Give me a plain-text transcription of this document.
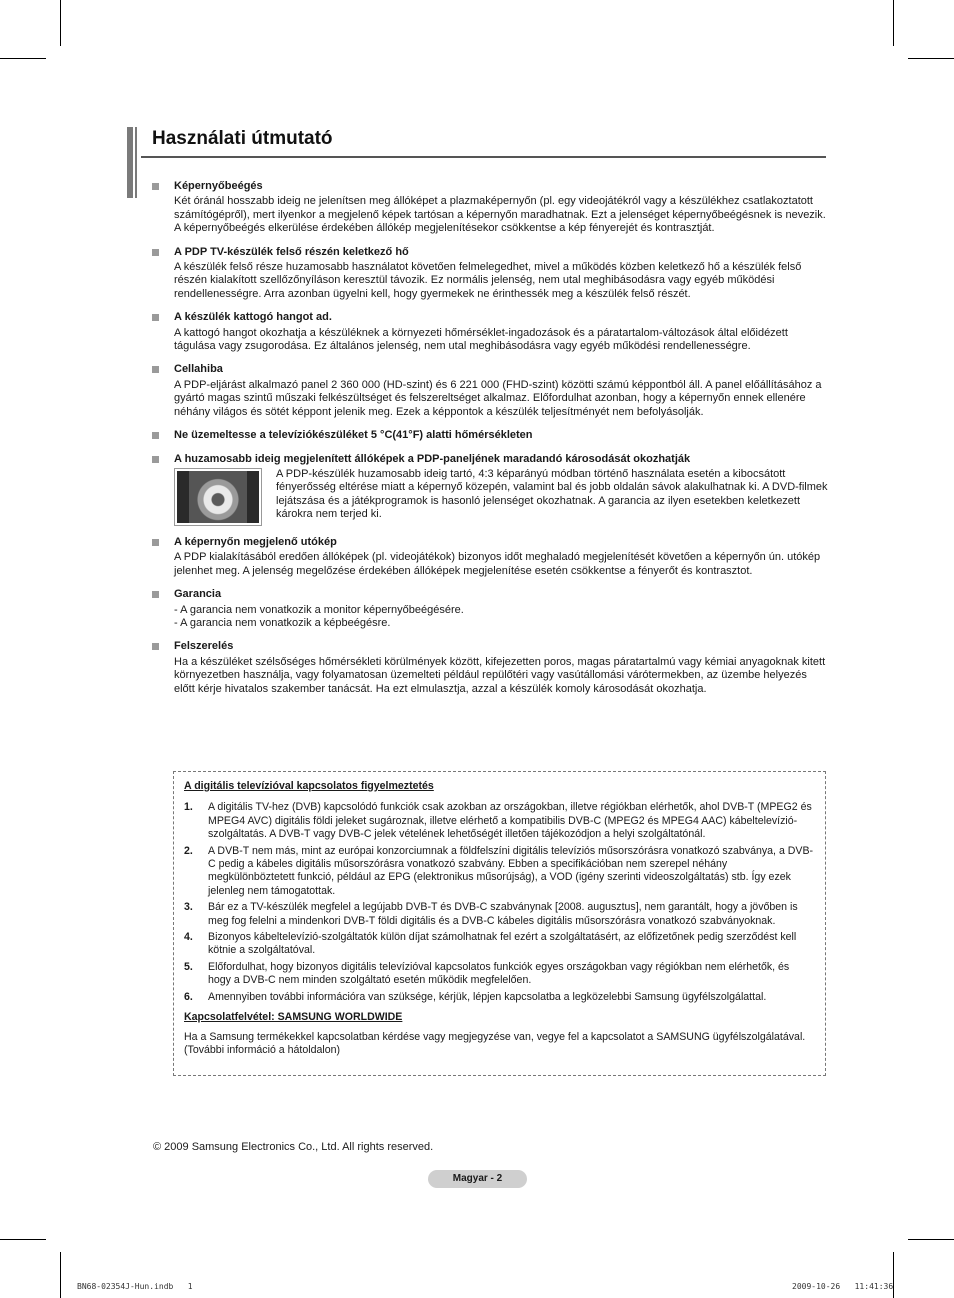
Használati útmutató
Képernyőbeégés

Két óránál hosszabb ideig ne jelenítsen meg állóképet a plazmaképernyőn (pl. egy videojátékról vagy a készülékhez csatlakoztatott számítógépről), mert ilyenkor a megjelenő képek tartósan a képernyőn maradhatnak. Ezt a jelenséget képernyőbeégésnek is nevezik. A képernyőbeégés elkerülése érdekében állókép megjelenítésekor csökkentse a kép fényerejét és kontrasztját.

A PDP TV-készülék felső részén keletkező hő

A készülék felső része huzamosabb használatot követően felmelegedhet, mivel a működés közben keletkező hő a készülék felső részén kialakított szellőzőnyíláson keresztül távozik. Ez normális jelenség, nem utal meghibásodásra vagy egyéb működési rendellenességre. Arra azonban ügyelni kell, hogy gyermekek ne érinthessék meg a készülék felső részét.

A készülék kattogó hangot ad.

A kattogó hangot okozhatja a készüléknek a környezeti hőmérséklet-ingadozások és a páratartalom-változások által előidézett tágulása vagy zsugorodása. Ez általános jelenség, nem utal meghibásodásra vagy egyéb működési rendellenességre.

Cellahiba

A PDP-eljárást alkalmazó panel 2 360 000 (HD-szint) és 6 221 000 (FHD-szint) közötti számú képpontból áll. A panel előállításához a gyártó magas szintű műszaki felkészültséget és felszereltséget alkalmaz. Előfordulhat azonban, hogy a képernyőn ennek ellenére néhány világos és sötét képpont jelenik meg. Ezek a képpontok a készülék teljesítményét nem befolyásolják.

Ne üzemeltesse a televíziókészüléket 5 °C(41°F) alatti hőmérsékleten
A huzamosabb ideig megjelenített állóképek a PDP-paneljének maradandó károsodását okozhatják

A PDP-készülék huzamosabb ideig tartó, 4:3 képarányú módban történő használata esetén a kibocsátott fényerősség eltérése miatt a képernyő közepén, valamint bal és jobb oldalán sávok alakulhatnak ki. A DVD-filmek lejátszása és a játékprogramok is hasonló jelenséget okozhatnak. A garancia az ilyen esetekben keletkezett károkra nem terjed ki.

A képernyőn megjelenő utókép

A PDP kialakításából eredően állóképek (pl. videojátékok) bizonyos időt meghaladó megjelenítését követően a képernyőn ún. utókép jelenhet meg. A jelenség megelőzése érdekében állóképek megjelenítése esetén csökkentse a fényerőt és kontrasztot.

Garancia

- A garancia nem vonatkozik a monitor képernyőbeégésére.

- A garancia nem vonatkozik a képbeégésre.

Felszerelés

Ha a készüléket szélsőséges hőmérsékleti körülmények között, kifejezetten poros, magas páratartalmú vagy kémiai anyagoknak kitett környezetben használja, vagy folyamatosan üzemelteti például repülőtéri vagy vasútállomási várótermekben, az üzembe helyezés előtt kérje hivatalos szakember tanácsát. Ha ezt elmulasztja, azzal a készülék komoly károsodását okozhatja.

A digitális televízióval kapcsolatos figyelmeztetés
1.	A digitális TV-hez (DVB) kapcsolódó funkciók csak azokban az országokban, illetve régiókban elérhetők, ahol DVB-T (MPEG2 és MPEG4 AVC) digitális földi jeleket sugároznak, illetve elérhető a kompatibilis DVB-C (MPEG2 és MPEG4 AAC) kábeltelevízió-szolgáltatás. A DVB-T vagy DVB-C jelek vételének lehetőségét illetően tájékozódjon a helyi szolgáltatónál.
2.	A DVB-T nem más, mint az európai konzorciumnak a földfelszíni digitális televíziós műsorszórásra vonatkozó szabványa, a DVB-C pedig a kábeles digitális műsorszórásra vonatkozó szabvány. Ebben a specifikációban nem szerepel néhány megkülönböztetett funkció, például az EPG (elektronikus műsorújság), a VOD (igény szerinti videoszolgáltatás) stb. Így ezek jelenleg nem támogatottak.
3.	Bár ez a TV-készülék megfelel a legújabb DVB-T és DVB-C szabványnak [2008. augusztus], nem garantált, hogy a jövőben is meg fog felelni a mindenkori DVB-T földi digitális és a DVB-C kábeles digitális műsorszórásra vonatkozó szabványoknak.
4.	Bizonyos kábeltelevízió-szolgáltatók külön díjat számolhatnak fel ezért a szolgáltatásért, az előfizetőnek pedig szerződést kell kötnie a szolgáltatóval.
5.	Előfordulhat, hogy bizonyos digitális televízióval kapcsolatos funkciók egyes országokban vagy régiókban nem elérhetők, és hogy a DVB-C nem minden szolgáltató esetén működik megfelelően.
6.	Amennyiben további információra van szüksége, kérjük, lépjen kapcsolatba a legközelebbi Samsung ügyfélszolgálattal.
Kapcsolatfelvétel: SAMSUNG WORLDWIDE

Ha a Samsung termékekkel kapcsolatban kérdése vagy megjegyzése van, vegye fel a kapcsolatot a SAMSUNG ügyfélszolgálatával. (További információ a hátoldalon)

© 2009 Samsung Electronics Co., Ltd. All rights reserved.
Magyar - 2
BN68-02354J-Hun.indb   1	2009-10-26   11:41:36
